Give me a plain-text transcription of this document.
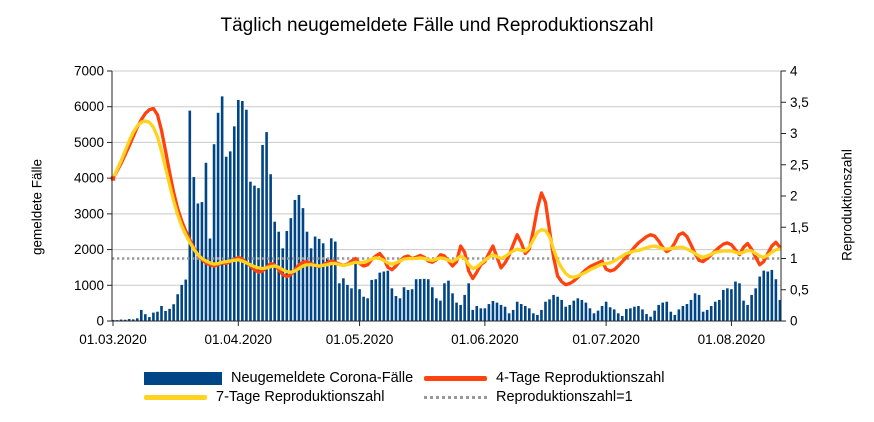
Täglich neugemeldete Fälle und Reproduktionszahl
0
1000
2000
3000
4000
5000
6000
7000
0
0,5
1
1,5
2
2,5
3
3,5
4
01.03.2020	01.04.2020	01.05.2020	01.06.2020	01.07.2020	01.08.2020
gemeldete Fälle	Reproduktionszahl
Neugemeldete Corona-Fälle	4-Tage Reproduktionszahl
7-Tage Reproduktionszahl	Reproduktionszahl=1
